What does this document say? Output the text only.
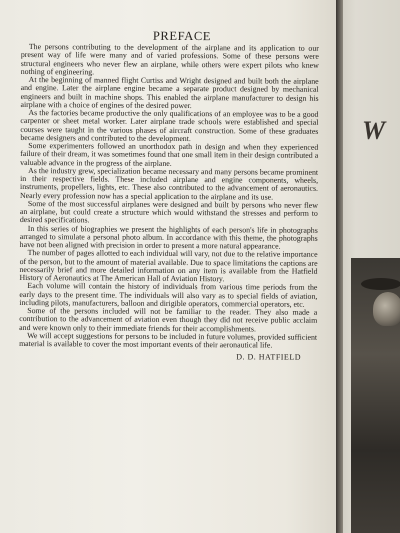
PREFACE

The persons contributing to the development of the airplane and its application to our present way of life were many and of varied professions. Some of these persons were structural engineers who never flew an airplane, while others were expert pilots who knew nothing of engineering.

At the beginning of manned flight Curtiss and Wright designed and built both the airplane and engine. Later the airplane engine became a separate product designed by mechanical engineers and built in machine shops. This enabled the airplane manufacturer to design his airplane with a choice of engines of the desired power.

As the factories became productive the only qualifications of an employee was to be a good carpenter or sheet metal worker. Later airplane trade schools were established and special courses were taught in the various phases of aircraft construction. Some of these graduates became designers and contributed to the development.

Some experimenters followed an unorthodox path in design and when they experienced failure of their dream, it was sometimes found that one small item in their design contributed a valuable advance in the progress of the airplane.

As the industry grew, specialization became necessary and many persons became prominent in their respective fields. These included airplane and engine components, wheels, instruments, propellers, lights, etc. These also contributed to the advancement of aeronautics. Nearly every profession now has a special application to the airplane and its use.

Some of the most successful airplanes were designed and built by persons who never flew an airplane, but could create a structure which would withstand the stresses and perform to desired specifications.

In this series of biographies we present the highlights of each person's life in photographs arranged to simulate a personal photo album. In accordance with this theme, the photographs have not been aligned with precision in order to present a more natural appearance.

The number of pages allotted to each individual will vary, not due to the relative importance of the person, but to the amount of material available. Due to space limitations the captions are necessarily brief and more detailed information on any item is available from the Hatfield History of Aeronautics at The American Hall of Aviation History.

Each volume will contain the history of individuals from various time periods from the early days to the present time. The individuals will also vary as to special fields of aviation, including pilots, manufacturers, balloon and dirigible operators, commercial operators, etc.

Some of the persons included will not be familiar to the reader. They also made a contribution to the advancement of aviation even though they did not receive public acclaim and were known only to their immediate friends for their accomplishments.

We will accept suggestions for persons to be included in future volumes, provided sufficient material is available to cover the most important events of their aeronautical life.

D. D. HATFIELD
W
